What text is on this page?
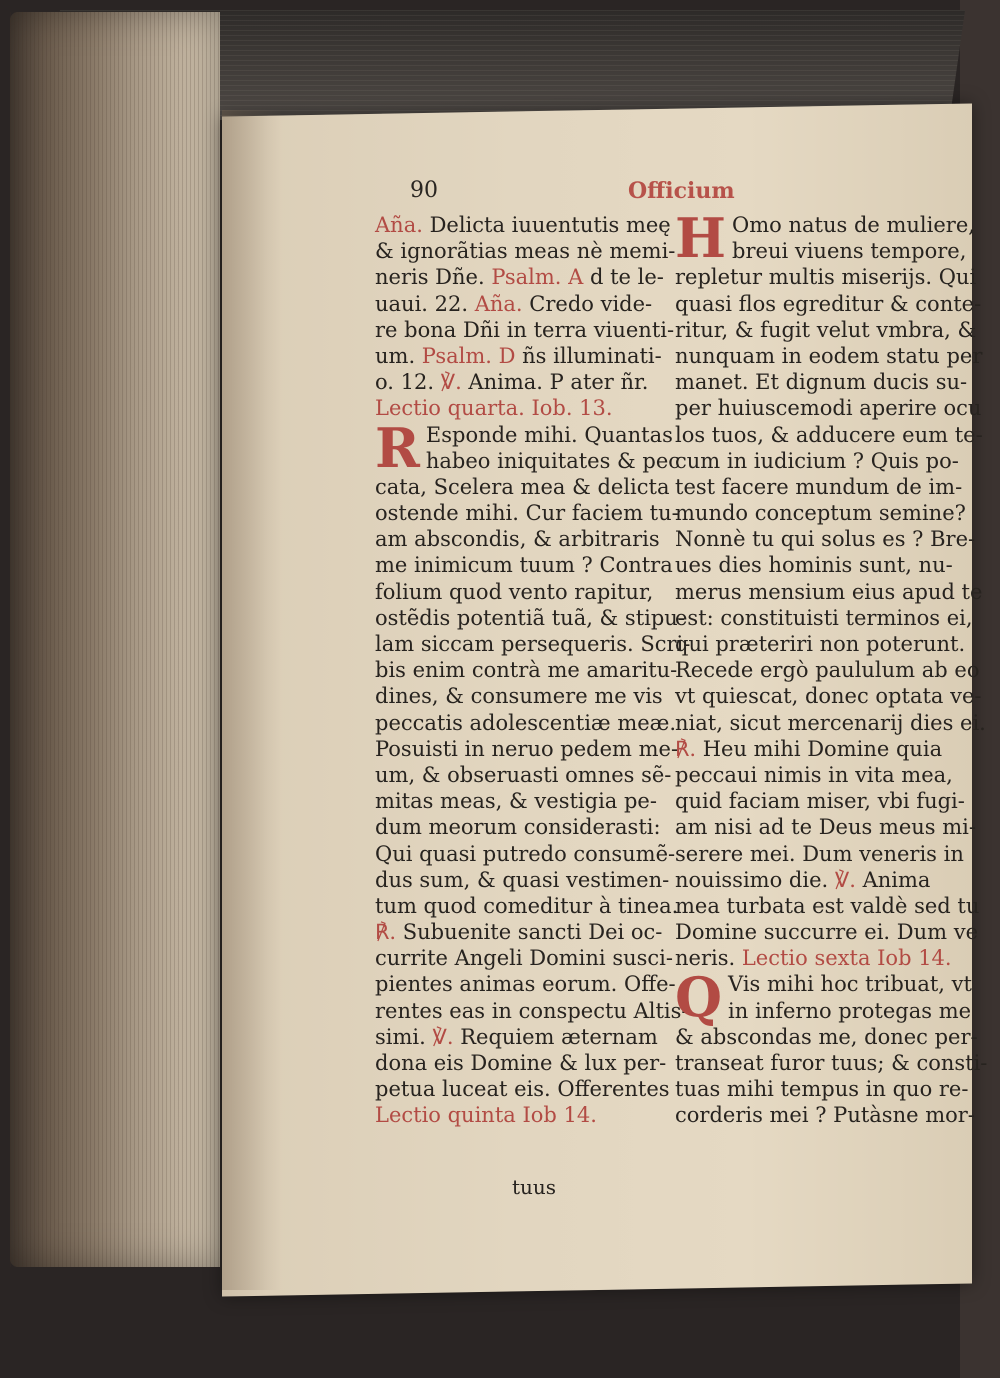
90	Officium
Aña. Delicta iuuentutis meę
& ignorãtias meas nè memi-
neris Dñe. Psalm. A d te le-
uaui. 22. Aña. Credo vide-
re bona Dñi in terra viuenti-
um. Psalm. D ñs illuminati-
o. 12. ℣. Anima. P ater ñr.
Lectio quarta. Iob. 13.
R Esponde mihi. Quantas
habeo iniquitates & pec
cata, Scelera mea & delicta
ostende mihi. Cur faciem tu-
am abscondis, & arbitraris
me inimicum tuum ? Contra
folium quod vento rapitur,
ostẽdis potentiã tuã, & stipu-
lam siccam persequeris. Scri-
bis enim contrà me amaritu-
dines, & consumere me vis
peccatis adolescentiæ meæ.
Posuisti in neruo pedem me-
um, & obseruasti omnes sẽ-
mitas meas, & vestigia pe-
dum meorum considerasti:
Qui quasi putredo consumẽ-
dus sum, & quasi vestimen-
tum quod comeditur à tinea.
℟. Subuenite sancti Dei oc-
currite Angeli Domini susci-
pientes animas eorum. Offe-
rentes eas in conspectu Altis-
simi. ℣. Requiem æternam
dona eis Domine & lux per-
petua luceat eis. Offerentes
Lectio quinta Iob 14.
H Omo natus de muliere,
breui viuens tempore,
repletur multis miserijs. Qui
quasi flos egreditur & conte-
ritur, & fugit velut vmbra, &
nunquam in eodem statu per
manet. Et dignum ducis su-
per huiuscemodi aperire ocu
los tuos, & adducere eum te-
cum in iudicium ? Quis po-
test facere mundum de im-
mundo conceptum semine?
Nonnè tu qui solus es ? Bre-
ues dies hominis sunt, nu-
merus mensium eius apud te
est: constituisti terminos ei,
qui præteriri non poterunt.
Recede ergò paululum ab eo
vt quiescat, donec optata ve-
niat, sicut mercenarij dies ei.
℟. Heu mihi Domine quia
peccaui nimis in vita mea,
quid faciam miser, vbi fugi-
am nisi ad te Deus meus mi-
serere mei. Dum veneris in
nouissimo die. ℣. Anima
mea turbata est valdè sed tu
Domine succurre ei. Dum ve
neris. Lectio sexta Iob 14.
Q Vis mihi hoc tribuat, vt
in inferno protegas me
& abscondas me, donec per-
transeat furor tuus; & consti-
tuas mihi tempus in quo re-
corderis mei ? Putàsne mor-
tuus
